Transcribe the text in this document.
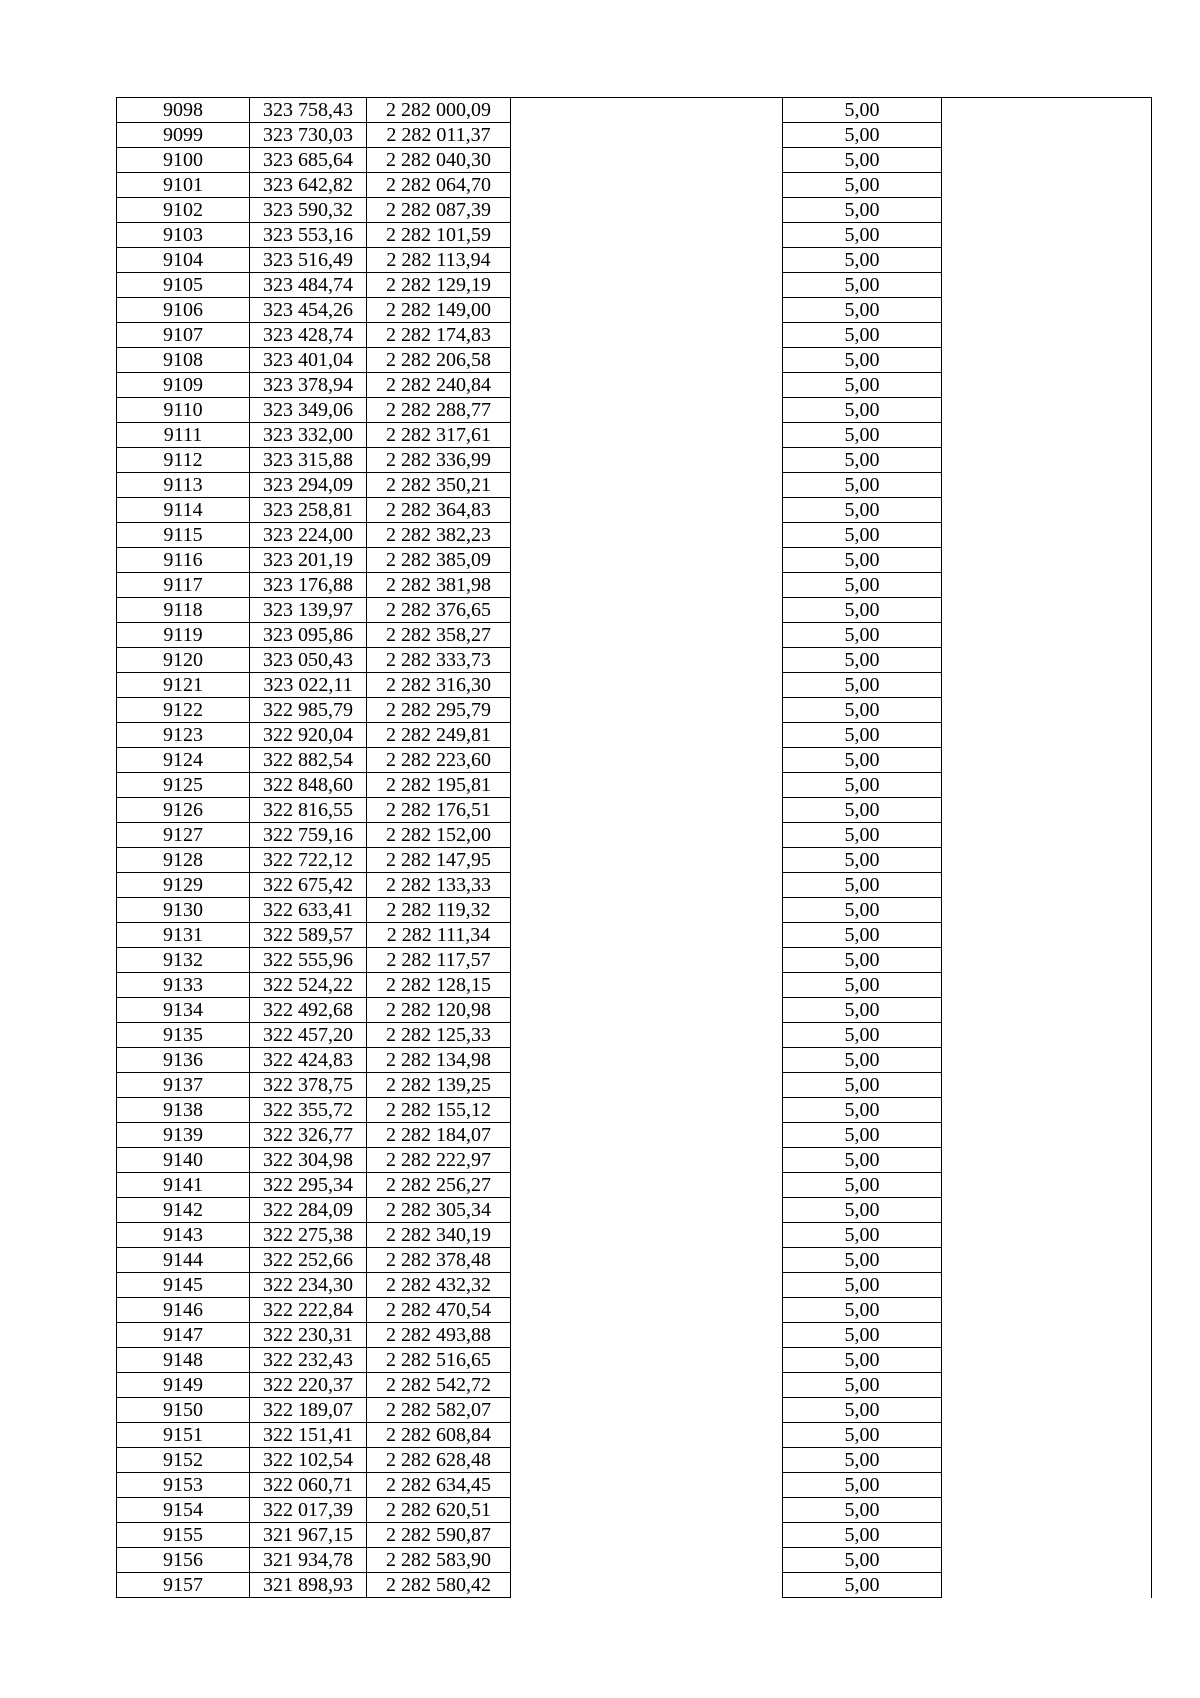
9098	323 758,43	2 282 000,09		5,00	
9099	323 730,03	2 282 011,37		5,00	
9100	323 685,64	2 282 040,30		5,00	
9101	323 642,82	2 282 064,70		5,00	
9102	323 590,32	2 282 087,39		5,00	
9103	323 553,16	2 282 101,59		5,00	
9104	323 516,49	2 282 113,94		5,00	
9105	323 484,74	2 282 129,19		5,00	
9106	323 454,26	2 282 149,00		5,00	
9107	323 428,74	2 282 174,83		5,00	
9108	323 401,04	2 282 206,58		5,00	
9109	323 378,94	2 282 240,84		5,00	
9110	323 349,06	2 282 288,77		5,00	
9111	323 332,00	2 282 317,61		5,00	
9112	323 315,88	2 282 336,99		5,00	
9113	323 294,09	2 282 350,21		5,00	
9114	323 258,81	2 282 364,83		5,00	
9115	323 224,00	2 282 382,23		5,00	
9116	323 201,19	2 282 385,09		5,00	
9117	323 176,88	2 282 381,98		5,00	
9118	323 139,97	2 282 376,65		5,00	
9119	323 095,86	2 282 358,27		5,00	
9120	323 050,43	2 282 333,73		5,00	
9121	323 022,11	2 282 316,30		5,00	
9122	322 985,79	2 282 295,79		5,00	
9123	322 920,04	2 282 249,81		5,00	
9124	322 882,54	2 282 223,60		5,00	
9125	322 848,60	2 282 195,81		5,00	
9126	322 816,55	2 282 176,51		5,00	
9127	322 759,16	2 282 152,00		5,00	
9128	322 722,12	2 282 147,95		5,00	
9129	322 675,42	2 282 133,33		5,00	
9130	322 633,41	2 282 119,32		5,00	
9131	322 589,57	2 282 111,34		5,00	
9132	322 555,96	2 282 117,57		5,00	
9133	322 524,22	2 282 128,15		5,00	
9134	322 492,68	2 282 120,98		5,00	
9135	322 457,20	2 282 125,33		5,00	
9136	322 424,83	2 282 134,98		5,00	
9137	322 378,75	2 282 139,25		5,00	
9138	322 355,72	2 282 155,12		5,00	
9139	322 326,77	2 282 184,07		5,00	
9140	322 304,98	2 282 222,97		5,00	
9141	322 295,34	2 282 256,27		5,00	
9142	322 284,09	2 282 305,34		5,00	
9143	322 275,38	2 282 340,19		5,00	
9144	322 252,66	2 282 378,48		5,00	
9145	322 234,30	2 282 432,32		5,00	
9146	322 222,84	2 282 470,54		5,00	
9147	322 230,31	2 282 493,88		5,00	
9148	322 232,43	2 282 516,65		5,00	
9149	322 220,37	2 282 542,72		5,00	
9150	322 189,07	2 282 582,07		5,00	
9151	322 151,41	2 282 608,84		5,00	
9152	322 102,54	2 282 628,48		5,00	
9153	322 060,71	2 282 634,45		5,00	
9154	322 017,39	2 282 620,51		5,00	
9155	321 967,15	2 282 590,87		5,00	
9156	321 934,78	2 282 583,90		5,00	
9157	321 898,93	2 282 580,42		5,00	
